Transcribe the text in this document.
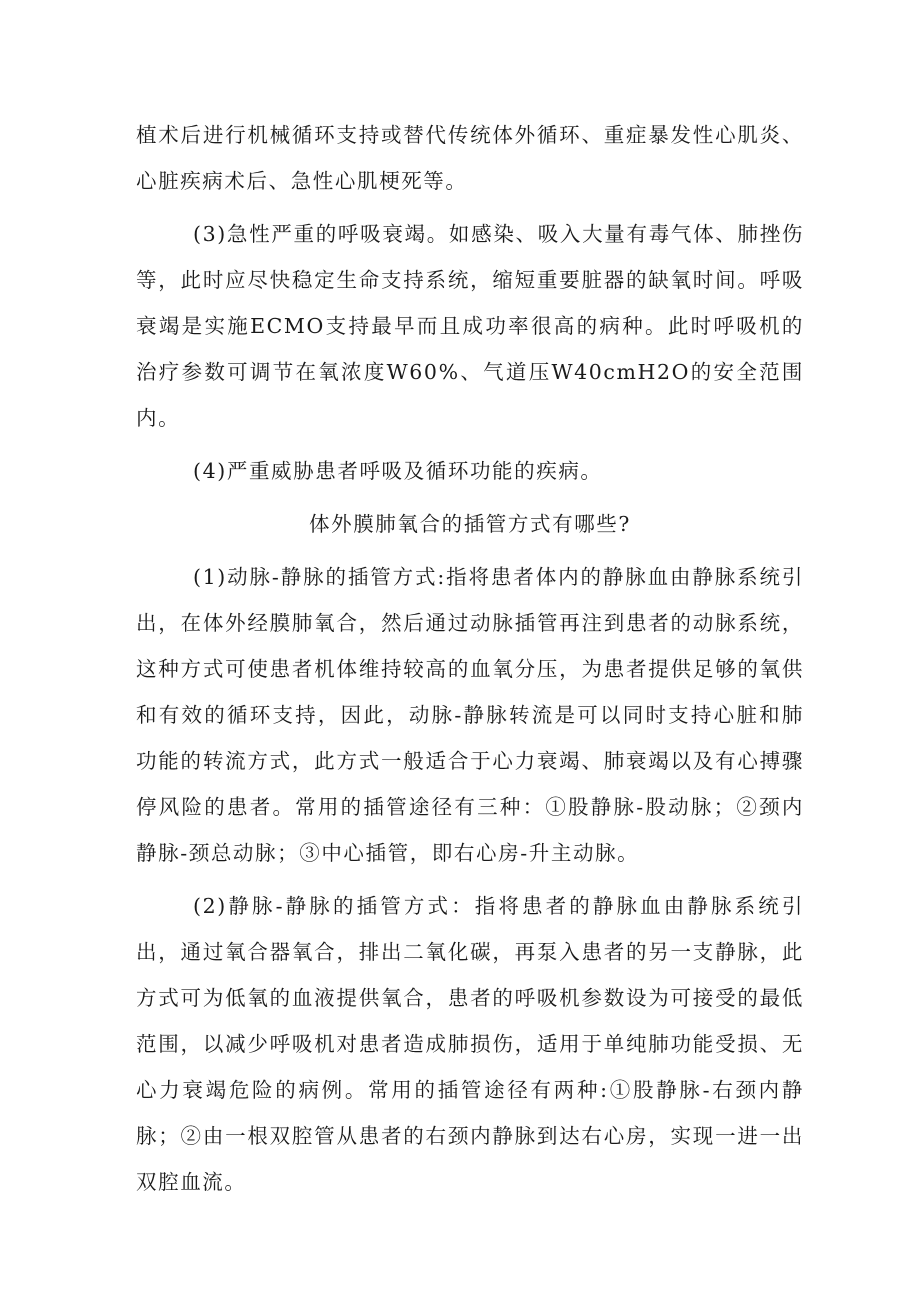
植术后进行机械循环支持或替代传统体外循环、重症暴发性心肌炎、心脏疾病术后、急性心肌梗死等。

(3)急性严重的呼吸衰竭。如感染、吸入大量有毒气体、肺挫伤等，此时应尽快稳定生命支持系统，缩短重要脏器的缺氧时间。呼吸衰竭是实施ECMO支持最早而且成功率很高的病种。此时呼吸机的治疗参数可调节在氧浓度W60%、气道压W40cmH2O的安全范围内。

(4)严重威胁患者呼吸及循环功能的疾病。

体外膜肺氧合的插管方式有哪些?

(1)动脉-静脉的插管方式:指将患者体内的静脉血由静脉系统引出，在体外经膜肺氧合，然后通过动脉插管再注到患者的动脉系统，这种方式可使患者机体维持较高的血氧分压，为患者提供足够的氧供和有效的循环支持，因此，动脉-静脉转流是可以同时支持心脏和肺功能的转流方式，此方式一般适合于心力衰竭、肺衰竭以及有心搏骤停风险的患者。常用的插管途径有三种：①股静脉-股动脉；②颈内静脉-颈总动脉；③中心插管，即右心房-升主动脉。

(2)静脉-静脉的插管方式：指将患者的静脉血由静脉系统引出，通过氧合器氧合，排出二氧化碳，再泵入患者的另一支静脉，此方式可为低氧的血液提供氧合，患者的呼吸机参数设为可接受的最低范围，以减少呼吸机对患者造成肺损伤，适用于单纯肺功能受损、无心力衰竭危险的病例。常用的插管途径有两种:①股静脉-右颈内静脉；②由一根双腔管从患者的右颈内静脉到达右心房，实现一进一出双腔血流。
